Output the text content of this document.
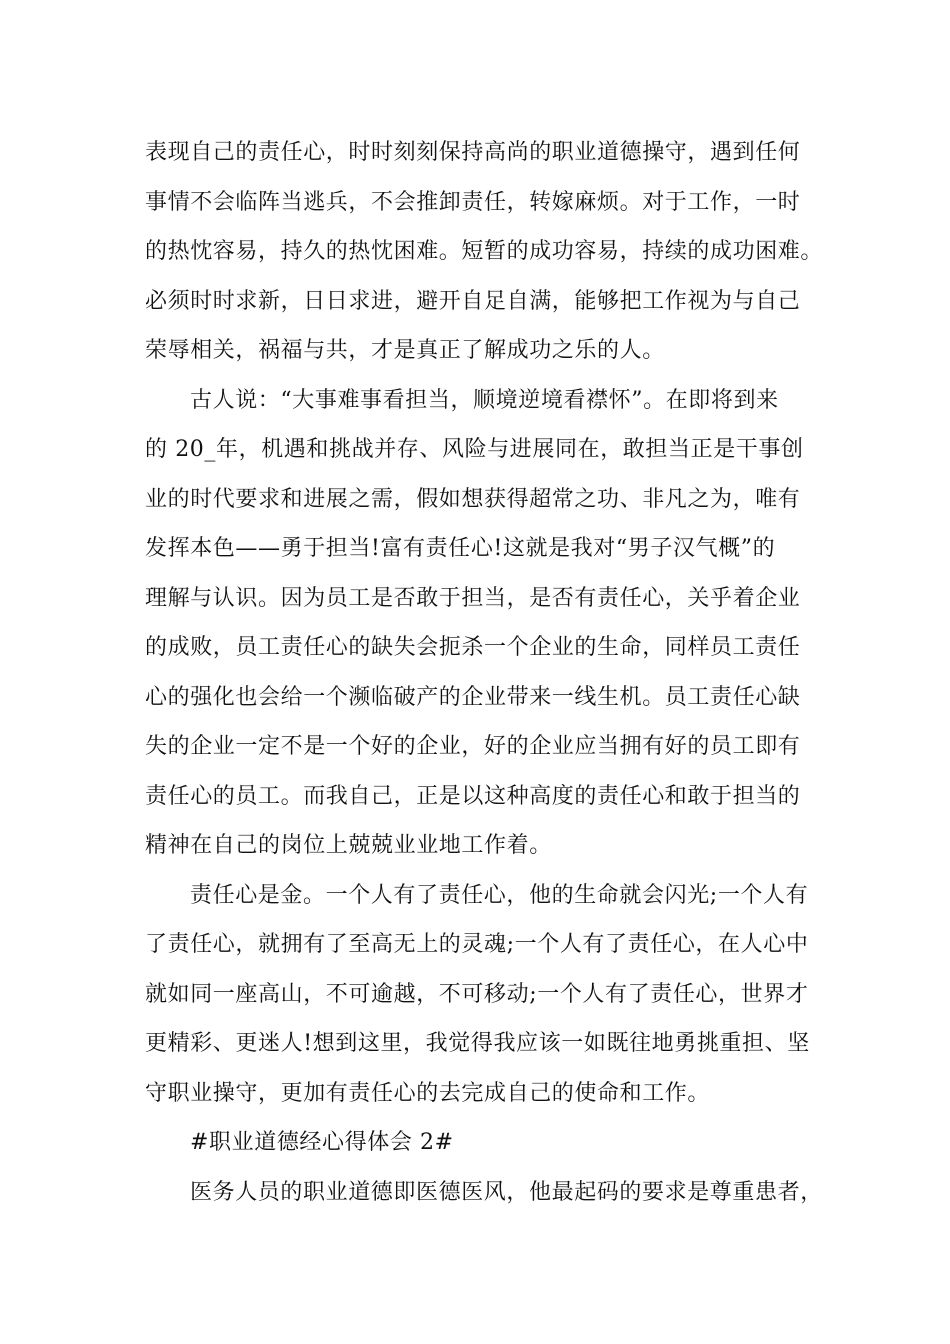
表现自己的责任心，时时刻刻保持高尚的职业道德操守，遇到任何
事情不会临阵当逃兵，不会推卸责任，转嫁麻烦。对于工作，一时
的热忱容易，持久的热忱困难。短暂的成功容易，持续的成功困难。
必须时时求新，日日求进，避开自足自满，能够把工作视为与自己
荣辱相关，祸福与共，才是真正了解成功之乐的人。
古人说：“大事难事看担当，顺境逆境看襟怀”。在即将到来
的 20_年，机遇和挑战并存、风险与进展同在，敢担当正是干事创
业的时代要求和进展之需，假如想获得超常之功、非凡之为，唯有
发挥本色——勇于担当!富有责任心!这就是我对“男子汉气概”的
理解与认识。因为员工是否敢于担当，是否有责任心，关乎着企业
的成败，员工责任心的缺失会扼杀一个企业的生命，同样员工责任
心的强化也会给一个濒临破产的企业带来一线生机。员工责任心缺
失的企业一定不是一个好的企业，好的企业应当拥有好的员工即有
责任心的员工。而我自己，正是以这种高度的责任心和敢于担当的
精神在自己的岗位上兢兢业业地工作着。
责任心是金。一个人有了责任心，他的生命就会闪光;一个人有
了责任心，就拥有了至高无上的灵魂;一个人有了责任心，在人心中
就如同一座高山，不可逾越，不可移动;一个人有了责任心，世界才
更精彩、更迷人!想到这里，我觉得我应该一如既往地勇挑重担、坚
守职业操守，更加有责任心的去完成自己的使命和工作。
#职业道德经心得体会 2#
医务人员的职业道德即医德医风，他最起码的要求是尊重患者，
